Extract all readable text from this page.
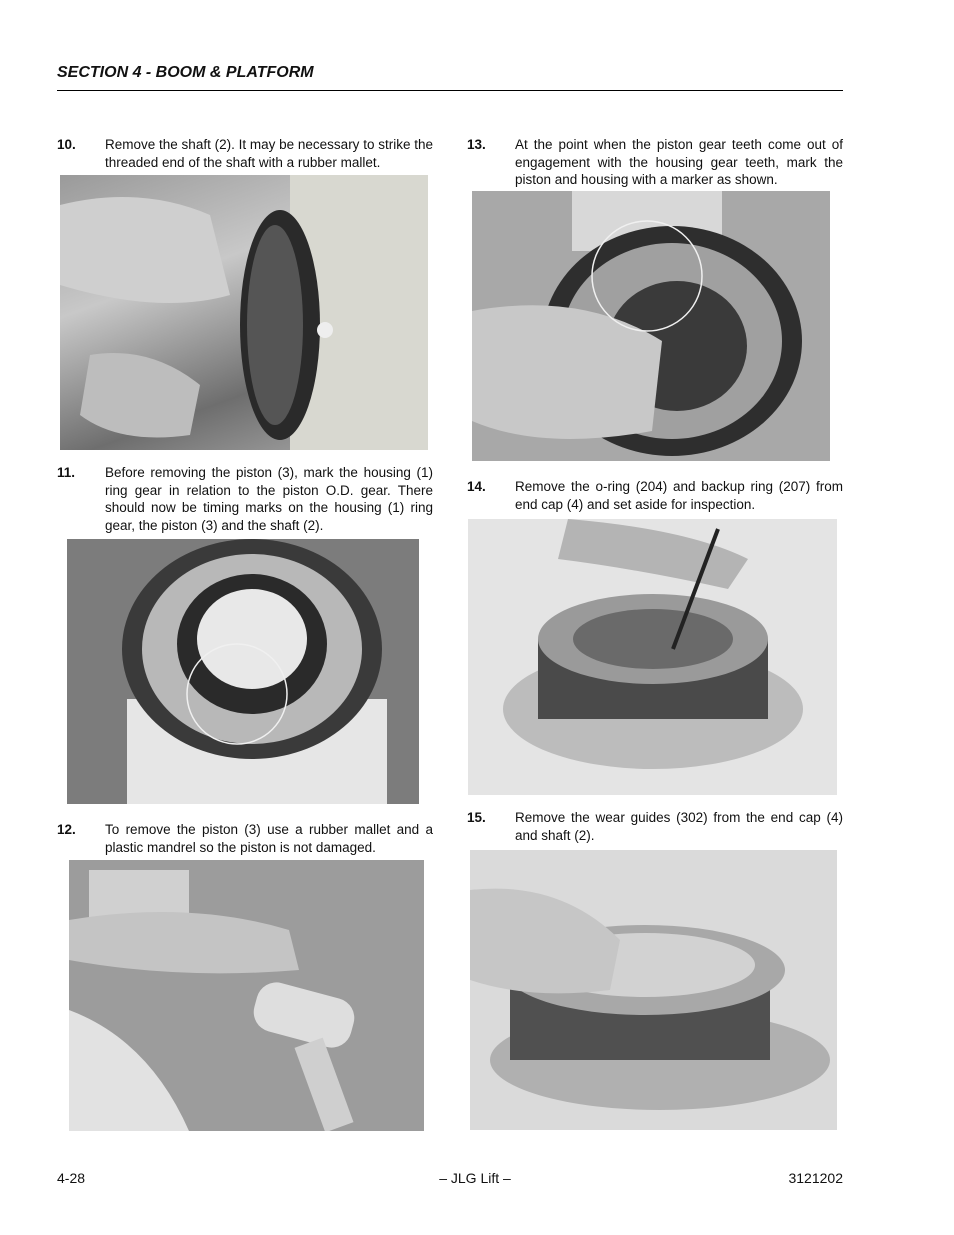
SECTION 4 - BOOM & PLATFORM
10. Remove the shaft (2). It may be necessary to strike the threaded end of the shaft with a rubber mallet.
11. Before removing the piston (3), mark the housing (1) ring gear in relation to the piston O.D. gear. There should now be timing marks on the housing (1) ring gear, the piston (3) and the shaft (2).
12. To remove the piston (3) use a rubber mallet and a plastic mandrel so the piston is not damaged.
13. At the point when the piston gear teeth come out of engagement with the housing gear teeth, mark the piston and housing with a marker as shown.
14. Remove the o-ring (204) and backup ring (207) from end cap (4) and set aside for inspection.
15. Remove the wear guides (302) from the end cap (4) and shaft (2).
4-28	– JLG Lift –	3121202
